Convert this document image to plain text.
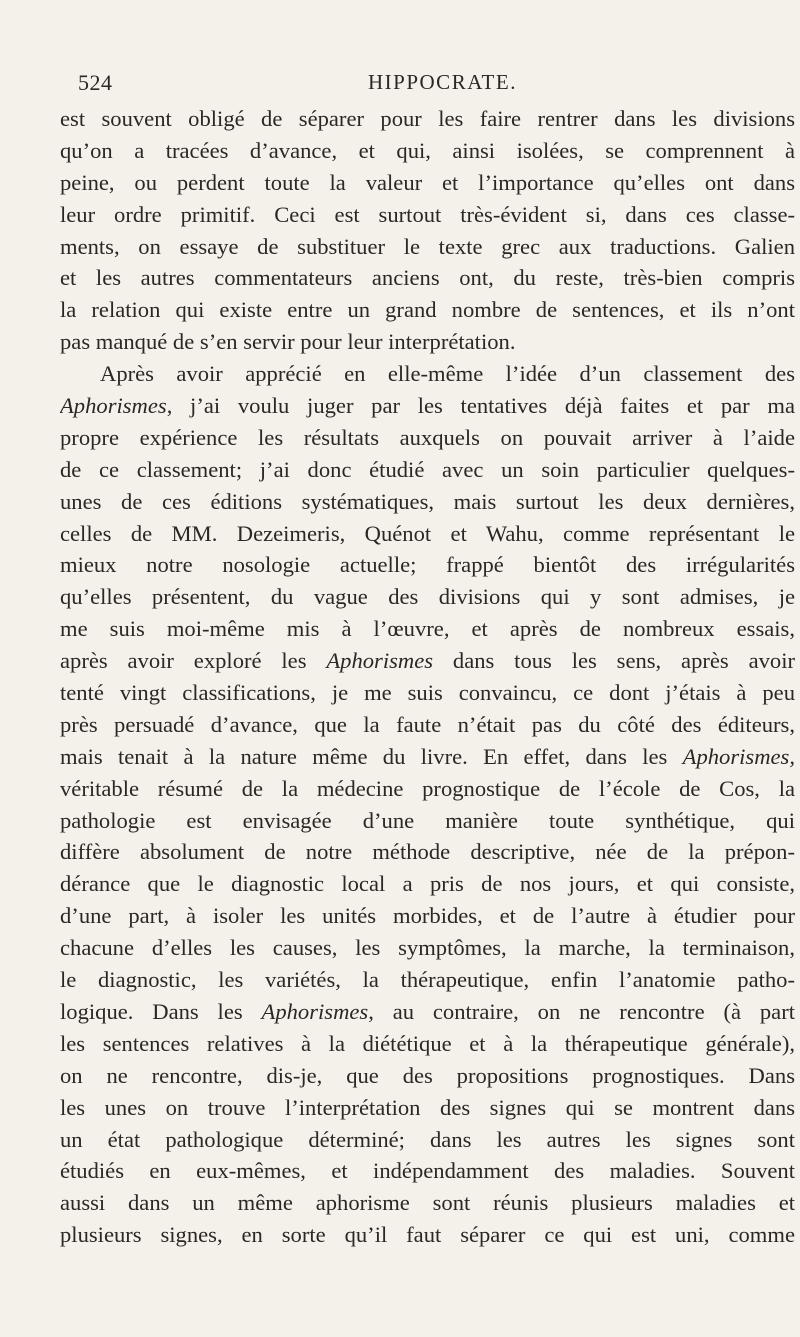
524	HIPPOCRATE.
est souvent obligé de séparer pour les faire rentrer dans les divisions
qu’on a tracées d’avance, et qui, ainsi isolées, se comprennent à
peine, ou perdent toute la valeur et l’importance qu’elles ont dans
leur ordre primitif. Ceci est surtout très-évident si, dans ces classe-
ments, on essaye de substituer le texte grec aux traductions. Galien
et les autres commentateurs anciens ont, du reste, très-bien compris
la relation qui existe entre un grand nombre de sentences, et ils n’ont
pas manqué de s’en servir pour leur interprétation.
Après avoir apprécié en elle-même l’idée d’un classement des
Aphorismes, j’ai voulu juger par les tentatives déjà faites et par ma
propre expérience les résultats auxquels on pouvait arriver à l’aide
de ce classement; j’ai donc étudié avec un soin particulier quelques-
unes de ces éditions systématiques, mais surtout les deux dernières,
celles de MM. Dezeimeris, Quénot et Wahu, comme représentant le
mieux notre nosologie actuelle; frappé bientôt des irrégularités
qu’elles présentent, du vague des divisions qui y sont admises, je
me suis moi-même mis à l’œuvre, et après de nombreux essais,
après avoir exploré les Aphorismes dans tous les sens, après avoir
tenté vingt classifications, je me suis convaincu, ce dont j’étais à peu
près persuadé d’avance, que la faute n’était pas du côté des éditeurs,
mais tenait à la nature même du livre. En effet, dans les Aphorismes,
véritable résumé de la médecine prognostique de l’école de Cos, la
pathologie est envisagée d’une manière toute synthétique, qui
diffère absolument de notre méthode descriptive, née de la prépon-
dérance que le diagnostic local a pris de nos jours, et qui consiste,
d’une part, à isoler les unités morbides, et de l’autre à étudier pour
chacune d’elles les causes, les symptômes, la marche, la terminaison,
le diagnostic, les variétés, la thérapeutique, enfin l’anatomie patho-
logique. Dans les Aphorismes, au contraire, on ne rencontre (à part
les sentences relatives à la diététique et à la thérapeutique générale),
on ne rencontre, dis-je, que des propositions prognostiques. Dans
les unes on trouve l’interprétation des signes qui se montrent dans
un état pathologique déterminé; dans les autres les signes sont
étudiés en eux-mêmes, et indépendamment des maladies. Souvent
aussi dans un même aphorisme sont réunis plusieurs maladies et
plusieurs signes, en sorte qu’il faut séparer ce qui est uni, comme
